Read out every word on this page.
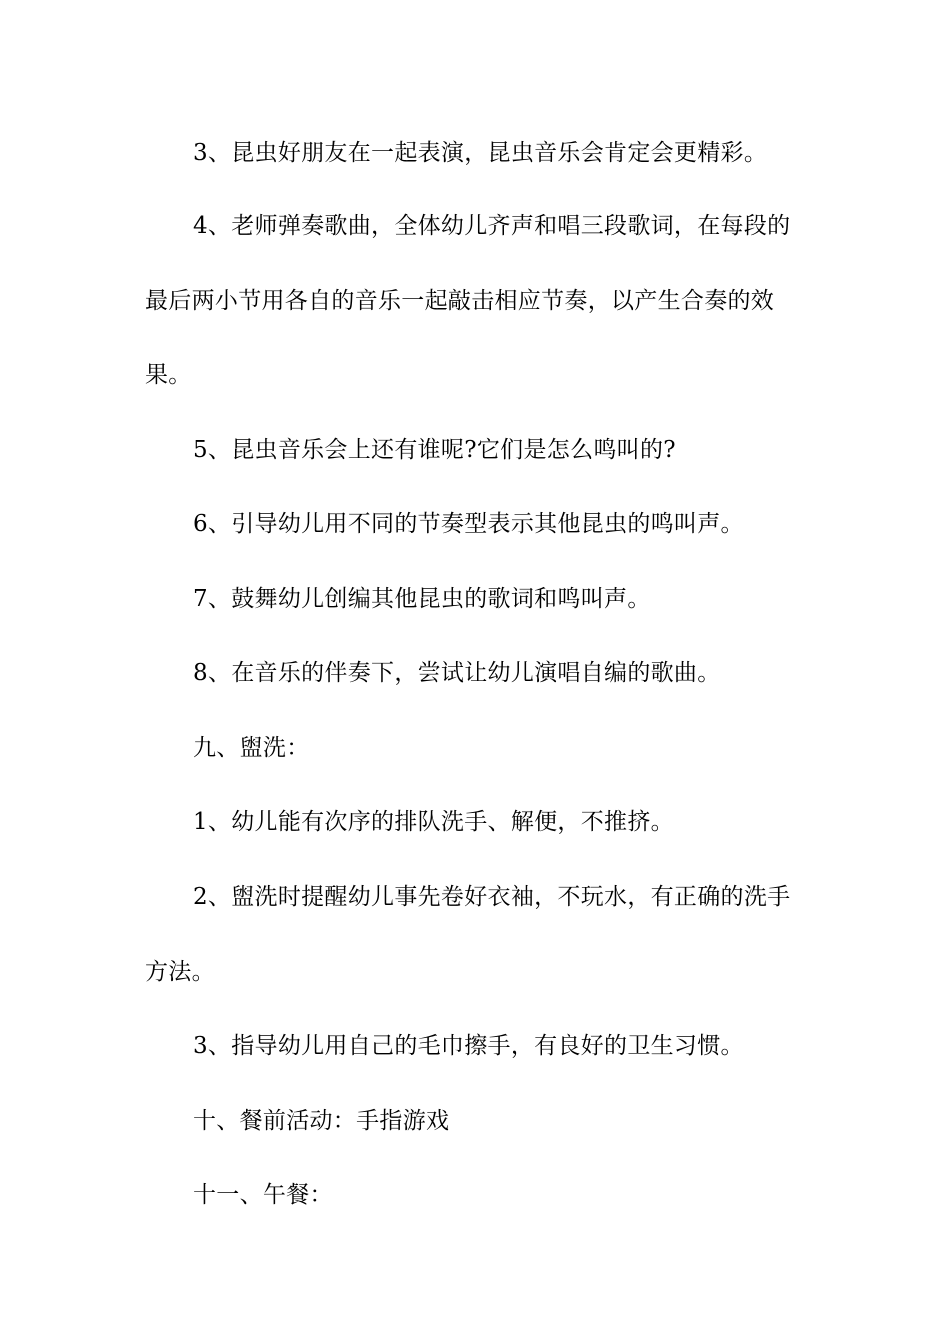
3、昆虫好朋友在一起表演，昆虫音乐会肯定会更精彩。

4、老师弹奏歌曲，全体幼儿齐声和唱三段歌词，在每段的

最后两小节用各自的音乐一起敲击相应节奏，以产生合奏的效

果。

5、昆虫音乐会上还有谁呢?它们是怎么鸣叫的?

6、引导幼儿用不同的节奏型表示其他昆虫的鸣叫声。

7、鼓舞幼儿创编其他昆虫的歌词和鸣叫声。

8、在音乐的伴奏下，尝试让幼儿演唱自编的歌曲。

九、盥洗：

1、幼儿能有次序的排队洗手、解便，不推挤。

2、盥洗时提醒幼儿事先卷好衣袖，不玩水，有正确的洗手

方法。

3、指导幼儿用自己的毛巾擦手，有良好的卫生习惯。

十、餐前活动：手指游戏

十一、午餐：
